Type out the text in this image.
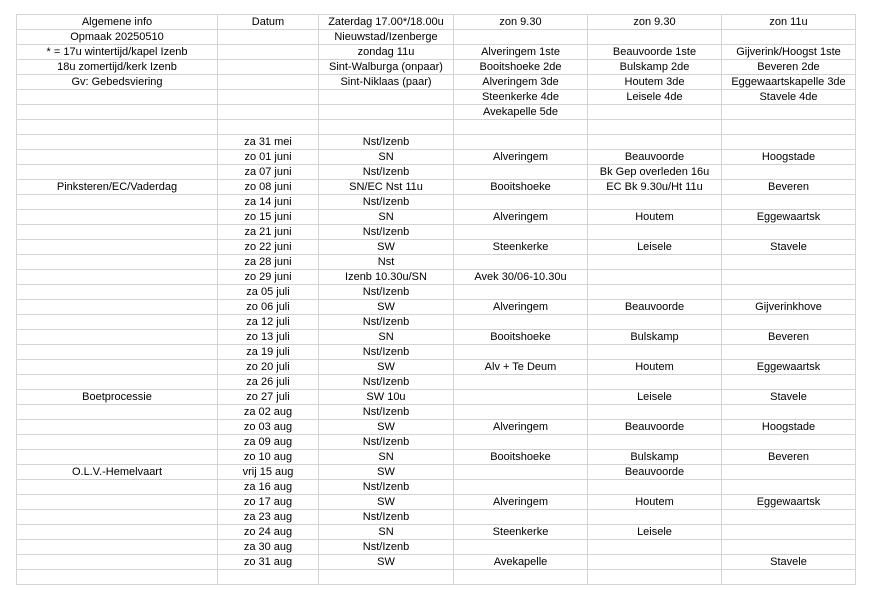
Algemene info	Datum	Zaterdag 17.00*/18.00u	zon 9.30	zon 9.30	zon 11u
Opmaak 20250510		Nieuwstad/Izenberge			
* = 17u wintertijd/kapel Izenb		zondag 11u	Alveringem 1ste	Beauvoorde 1ste	Gijverink/Hoogst 1ste
18u zomertijd/kerk Izenb		Sint-Walburga (onpaar)	Booitshoeke 2de	Bulskamp 2de	Beveren 2de
Gv: Gebedsviering		Sint-Niklaas (paar)	Alveringem 3de	Houtem 3de	Eggewaartskapelle 3de
			Steenkerke 4de	Leisele 4de	Stavele 4de
			Avekapelle 5de		

	za 31 mei	Nst/Izenb			
	zo 01 juni	SN	Alveringem	Beauvoorde	Hoogstade
	za 07 juni	Nst/Izenb		Bk Gep overleden 16u	
Pinksteren/EC/Vaderdag	zo 08 juni	SN/EC Nst 11u	Booitshoeke	EC Bk 9.30u/Ht 11u	Beveren
	za 14 juni	Nst/Izenb			
	zo 15 juni	SN	Alveringem	Houtem	Eggewaartsk
	za 21 juni	Nst/Izenb			
	zo 22 juni	SW	Steenkerke	Leisele	Stavele
	za 28 juni	Nst			
	zo 29 juni	Izenb 10.30u/SN	Avek 30/06-10.30u		
	za 05 juli	Nst/Izenb			
	zo 06 juli	SW	Alveringem	Beauvoorde	Gijverinkhove
	za 12 juli	Nst/Izenb			
	zo 13 juli	SN	Booitshoeke	Bulskamp	Beveren
	za 19 juli	Nst/Izenb			
	zo 20 juli	SW	Alv + Te Deum	Houtem	Eggewaartsk
	za 26 juli	Nst/Izenb			
Boetprocessie	zo 27 juli	SW 10u		Leisele	Stavele
	za 02 aug	Nst/Izenb			
	zo 03 aug	SW	Alveringem	Beauvoorde	Hoogstade
	za 09 aug	Nst/Izenb			
	zo 10 aug	SN	Booitshoeke	Bulskamp	Beveren
O.L.V.-Hemelvaart	vrij 15 aug	SW		Beauvoorde	
	za 16 aug	Nst/Izenb			
	zo 17 aug	SW	Alveringem	Houtem	Eggewaartsk
	za 23 aug	Nst/Izenb			
	zo 24 aug	SN	Steenkerke	Leisele	
	za 30 aug	Nst/Izenb			
	zo 31 aug	SW	Avekapelle		Stavele
